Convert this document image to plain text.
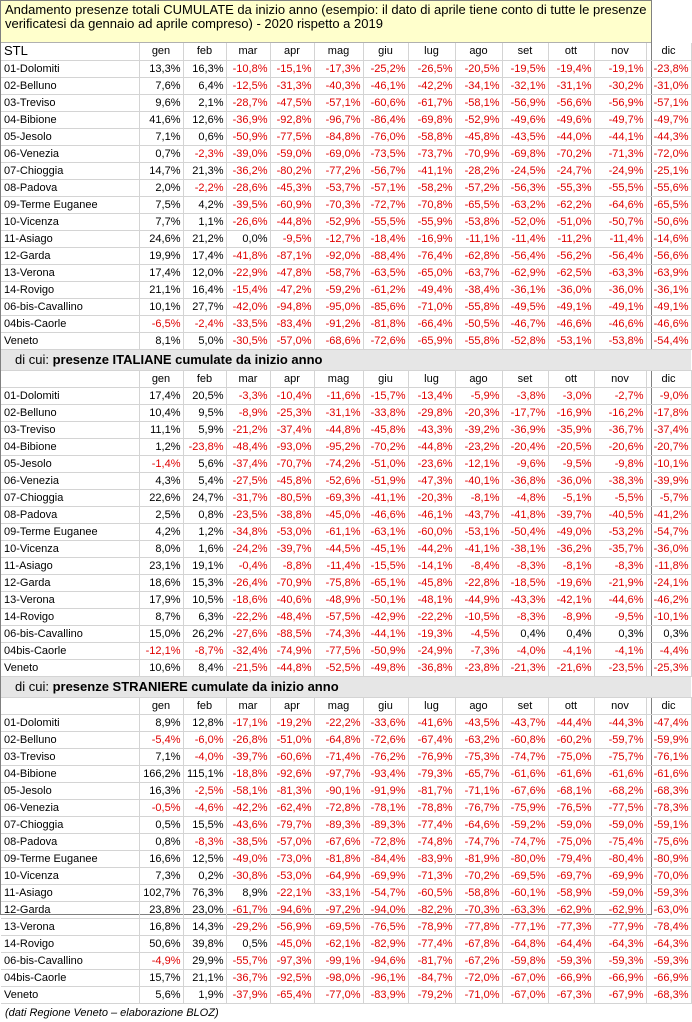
Andamento presenze totali CUMULATE da inizio anno (esempio: il dato di aprile tiene conto di tutte le presenze verificatesi da gennaio ad aprile compreso) - 2020 rispetto a 2019
STL	gen	feb	mar	apr	mag	giu	lug	ago	set	ott	nov	dic
01-Dolomiti	13,3%	16,3%	-10,8%	-15,1%	-17,3%	-25,2%	-26,5%	-20,5%	-19,5%	-19,4%	-19,1%	-23,8%
02-Belluno	7,6%	6,4%	-12,5%	-31,3%	-40,3%	-46,1%	-42,2%	-34,1%	-32,1%	-31,1%	-30,2%	-31,0%
03-Treviso	9,6%	2,1%	-28,7%	-47,5%	-57,1%	-60,6%	-61,7%	-58,1%	-56,9%	-56,6%	-56,9%	-57,1%
04-Bibione	41,6%	12,6%	-36,9%	-92,8%	-96,7%	-86,4%	-69,8%	-52,9%	-49,6%	-49,6%	-49,7%	-49,7%
05-Jesolo	7,1%	0,6%	-50,9%	-77,5%	-84,8%	-76,0%	-58,8%	-45,8%	-43,5%	-44,0%	-44,1%	-44,3%
06-Venezia	0,7%	-2,3%	-39,0%	-59,0%	-69,0%	-73,5%	-73,7%	-70,9%	-69,8%	-70,2%	-71,3%	-72,0%
07-Chioggia	14,7%	21,3%	-36,2%	-80,2%	-77,2%	-56,7%	-41,1%	-28,2%	-24,5%	-24,7%	-24,9%	-25,1%
08-Padova	2,0%	-2,2%	-28,6%	-45,3%	-53,7%	-57,1%	-58,2%	-57,2%	-56,3%	-55,3%	-55,5%	-55,6%
09-Terme Euganee	7,5%	4,2%	-39,5%	-60,9%	-70,3%	-72,7%	-70,8%	-65,5%	-63,2%	-62,2%	-64,6%	-65,5%
10-Vicenza	7,7%	1,1%	-26,6%	-44,8%	-52,9%	-55,5%	-55,9%	-53,8%	-52,0%	-51,0%	-50,7%	-50,6%
11-Asiago	24,6%	21,2%	0,0%	-9,5%	-12,7%	-18,4%	-16,9%	-11,1%	-11,4%	-11,2%	-11,4%	-14,6%
12-Garda	19,9%	17,4%	-41,8%	-87,1%	-92,0%	-88,4%	-76,4%	-62,8%	-56,4%	-56,2%	-56,4%	-56,6%
13-Verona	17,4%	12,0%	-22,9%	-47,8%	-58,7%	-63,5%	-65,0%	-63,7%	-62,9%	-62,5%	-63,3%	-63,9%
14-Rovigo	21,1%	16,4%	-15,4%	-47,2%	-59,2%	-61,2%	-49,4%	-38,4%	-36,1%	-36,0%	-36,0%	-36,1%
06-bis-Cavallino	10,1%	27,7%	-42,0%	-94,8%	-95,0%	-85,6%	-71,0%	-55,8%	-49,5%	-49,1%	-49,1%	-49,1%
04bis-Caorle	-6,5%	-2,4%	-33,5%	-83,4%	-91,2%	-81,8%	-66,4%	-50,5%	-46,7%	-46,6%	-46,6%	-46,6%
Veneto	8,1%	5,0%	-30,5%	-57,0%	-68,6%	-72,6%	-65,9%	-55,8%	-52,8%	-53,1%	-53,8%	-54,4%
di cui: presenze ITALIANE cumulate da inizio anno												
	gen	feb	mar	apr	mag	giu	lug	ago	set	ott	nov	dic
01-Dolomiti	17,4%	20,5%	-3,3%	-10,4%	-11,6%	-15,7%	-13,4%	-5,9%	-3,8%	-3,0%	-2,7%	-9,0%
02-Belluno	10,4%	9,5%	-8,9%	-25,3%	-31,1%	-33,8%	-29,8%	-20,3%	-17,7%	-16,9%	-16,2%	-17,8%
03-Treviso	11,1%	5,9%	-21,2%	-37,4%	-44,8%	-45,8%	-43,3%	-39,2%	-36,9%	-35,9%	-36,7%	-37,4%
04-Bibione	1,2%	-23,8%	-48,4%	-93,0%	-95,2%	-70,2%	-44,8%	-23,2%	-20,4%	-20,5%	-20,6%	-20,7%
05-Jesolo	-1,4%	5,6%	-37,4%	-70,7%	-74,2%	-51,0%	-23,6%	-12,1%	-9,6%	-9,5%	-9,8%	-10,1%
06-Venezia	4,3%	5,4%	-27,5%	-45,8%	-52,6%	-51,9%	-47,3%	-40,1%	-36,8%	-36,0%	-38,3%	-39,9%
07-Chioggia	22,6%	24,7%	-31,7%	-80,5%	-69,3%	-41,1%	-20,3%	-8,1%	-4,8%	-5,1%	-5,5%	-5,7%
08-Padova	2,5%	0,8%	-23,5%	-38,8%	-45,0%	-46,6%	-46,1%	-43,7%	-41,8%	-39,7%	-40,5%	-41,2%
09-Terme Euganee	4,2%	1,2%	-34,8%	-53,0%	-61,1%	-63,1%	-60,0%	-53,1%	-50,4%	-49,0%	-53,2%	-54,7%
10-Vicenza	8,0%	1,6%	-24,2%	-39,7%	-44,5%	-45,1%	-44,2%	-41,1%	-38,1%	-36,2%	-35,7%	-36,0%
11-Asiago	23,1%	19,1%	-0,4%	-8,8%	-11,4%	-15,5%	-14,1%	-8,4%	-8,3%	-8,1%	-8,3%	-11,8%
12-Garda	18,6%	15,3%	-26,4%	-70,9%	-75,8%	-65,1%	-45,8%	-22,8%	-18,5%	-19,6%	-21,9%	-24,1%
13-Verona	17,9%	10,5%	-18,6%	-40,6%	-48,9%	-50,1%	-48,1%	-44,9%	-43,3%	-42,1%	-44,6%	-46,2%
14-Rovigo	8,7%	6,3%	-22,2%	-48,4%	-57,5%	-42,9%	-22,2%	-10,5%	-8,3%	-8,9%	-9,5%	-10,1%
06-bis-Cavallino	15,0%	26,2%	-27,6%	-88,5%	-74,3%	-44,1%	-19,3%	-4,5%	0,4%	0,4%	0,3%	0,3%
04bis-Caorle	-12,1%	-8,7%	-32,4%	-74,9%	-77,5%	-50,9%	-24,9%	-7,3%	-4,0%	-4,1%	-4,1%	-4,4%
Veneto	10,6%	8,4%	-21,5%	-44,8%	-52,5%	-49,8%	-36,8%	-23,8%	-21,3%	-21,6%	-23,5%	-25,3%
di cui: presenze STRANIERE cumulate da inizio anno												
	gen	feb	mar	apr	mag	giu	lug	ago	set	ott	nov	dic
01-Dolomiti	8,9%	12,8%	-17,1%	-19,2%	-22,2%	-33,6%	-41,6%	-43,5%	-43,7%	-44,4%	-44,3%	-47,4%
02-Belluno	-5,4%	-6,0%	-26,8%	-51,0%	-64,8%	-72,6%	-67,4%	-63,2%	-60,8%	-60,2%	-59,7%	-59,9%
03-Treviso	7,1%	-4,0%	-39,7%	-60,6%	-71,4%	-76,2%	-76,9%	-75,3%	-74,7%	-75,0%	-75,7%	-76,1%
04-Bibione	166,2%	115,1%	-18,8%	-92,6%	-97,7%	-93,4%	-79,3%	-65,7%	-61,6%	-61,6%	-61,6%	-61,6%
05-Jesolo	16,3%	-2,5%	-58,1%	-81,3%	-90,1%	-91,9%	-81,7%	-71,1%	-67,6%	-68,1%	-68,2%	-68,3%
06-Venezia	-0,5%	-4,6%	-42,2%	-62,4%	-72,8%	-78,1%	-78,8%	-76,7%	-75,9%	-76,5%	-77,5%	-78,3%
07-Chioggia	0,5%	15,5%	-43,6%	-79,7%	-89,3%	-89,3%	-77,4%	-64,6%	-59,2%	-59,0%	-59,0%	-59,1%
08-Padova	0,8%	-8,3%	-38,5%	-57,0%	-67,6%	-72,8%	-74,8%	-74,7%	-74,7%	-75,0%	-75,4%	-75,6%
09-Terme Euganee	16,6%	12,5%	-49,0%	-73,0%	-81,8%	-84,4%	-83,9%	-81,9%	-80,0%	-79,4%	-80,4%	-80,9%
10-Vicenza	7,3%	0,2%	-30,8%	-53,0%	-64,9%	-69,9%	-71,3%	-70,2%	-69,5%	-69,7%	-69,9%	-70,0%
11-Asiago	102,7%	76,3%	8,9%	-22,1%	-33,1%	-54,7%	-60,5%	-58,8%	-60,1%	-58,9%	-59,0%	-59,3%
12-Garda	23,8%	23,0%	-61,7%	-94,6%	-97,2%	-94,0%	-82,2%	-70,3%	-63,3%	-62,9%	-62,9%	-63,0%
13-Verona	16,8%	14,3%	-29,2%	-56,9%	-69,5%	-76,5%	-78,9%	-77,8%	-77,1%	-77,3%	-77,9%	-78,4%
14-Rovigo	50,6%	39,8%	0,5%	-45,0%	-62,1%	-82,9%	-77,4%	-67,8%	-64,8%	-64,4%	-64,3%	-64,3%
06-bis-Cavallino	-4,9%	29,9%	-55,7%	-97,3%	-99,1%	-94,6%	-81,7%	-67,2%	-59,8%	-59,3%	-59,3%	-59,3%
04bis-Caorle	15,7%	21,1%	-36,7%	-92,5%	-98,0%	-96,1%	-84,7%	-72,0%	-67,0%	-66,9%	-66,9%	-66,9%
Veneto	5,6%	1,9%	-37,9%	-65,4%	-77,0%	-83,9%	-79,2%	-71,0%	-67,0%	-67,3%	-67,9%	-68,3%
(dati Regione Veneto – elaborazione BLOZ)
